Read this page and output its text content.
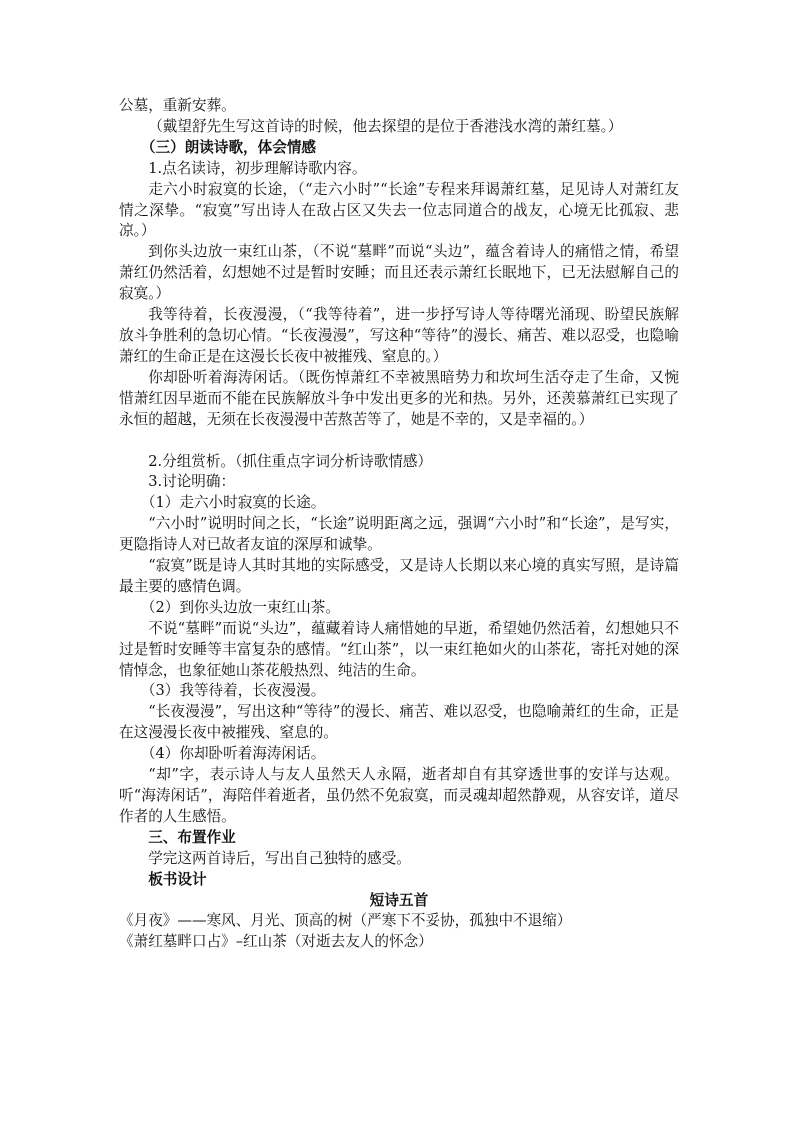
公墓，重新安葬。

（戴望舒先生写这首诗的时候，他去探望的是位于香港浅水湾的萧红墓。）

（三）朗读诗歌，体会情感

1.点名读诗，初步理解诗歌内容。

走六小时寂寞的长途，（“走六小时”“长途”专程来拜谒萧红墓，足见诗人对萧红友情之深挚。“寂寞”写出诗人在敌占区又失去一位志同道合的战友，心境无比孤寂、悲凉。）

到你头边放一束红山茶，（不说“墓畔”而说“头边”，蕴含着诗人的痛惜之情，希望萧红仍然活着，幻想她不过是暂时安睡；而且还表示萧红长眠地下，已无法慰解自己的寂寞。）

我等待着，长夜漫漫，（“我等待着”，进一步抒写诗人等待曙光涌现、盼望民族解放斗争胜利的急切心情。“长夜漫漫”，写这种“等待”的漫长、痛苦、难以忍受，也隐喻萧红的生命正是在这漫长长夜中被摧残、窒息的。）

你却卧听着海涛闲话。（既伤悼萧红不幸被黑暗势力和坎坷生活夺走了生命，又惋惜萧红因早逝而不能在民族解放斗争中发出更多的光和热。另外，还羡慕萧红已实现了永恒的超越，无须在长夜漫漫中苦熬苦等了，她是不幸的，又是幸福的。）

2.分组赏析。（抓住重点字词分析诗歌情感）

3.讨论明确：

（1）走六小时寂寞的长途。

“六小时”说明时间之长，“长途”说明距离之远，强调“六小时”和“长途”，是写实，更隐指诗人对已故者友谊的深厚和诚挚。

“寂寞”既是诗人其时其地的实际感受，又是诗人长期以来心境的真实写照，是诗篇最主要的感情色调。

（2）到你头边放一束红山茶。

不说“墓畔”而说“头边”，蕴藏着诗人痛惜她的早逝，希望她仍然活着，幻想她只不过是暂时安睡等丰富复杂的感情。“红山茶”，以一束红艳如火的山茶花，寄托对她的深情悼念，也象征她山茶花般热烈、纯洁的生命。

（3）我等待着，长夜漫漫。

“长夜漫漫”，写出这种“等待”的漫长、痛苦、难以忍受，也隐喻萧红的生命，正是在这漫漫长夜中被摧残、窒息的。

（4）你却卧听着海涛闲话。

“却”字，表示诗人与友人虽然天人永隔，逝者却自有其穿透世事的安详与达观。听“海涛闲话”，海陪伴着逝者，虽仍然不免寂寞，而灵魂却超然静观，从容安详，道尽作者的人生感悟。

三、布置作业

学完这两首诗后，写出自己独特的感受。

板书设计

短诗五首

《月夜》——寒风、月光、顶高的树（严寒下不妥协，孤独中不退缩）

《萧红墓畔口占》–红山茶（对逝去友人的怀念）
